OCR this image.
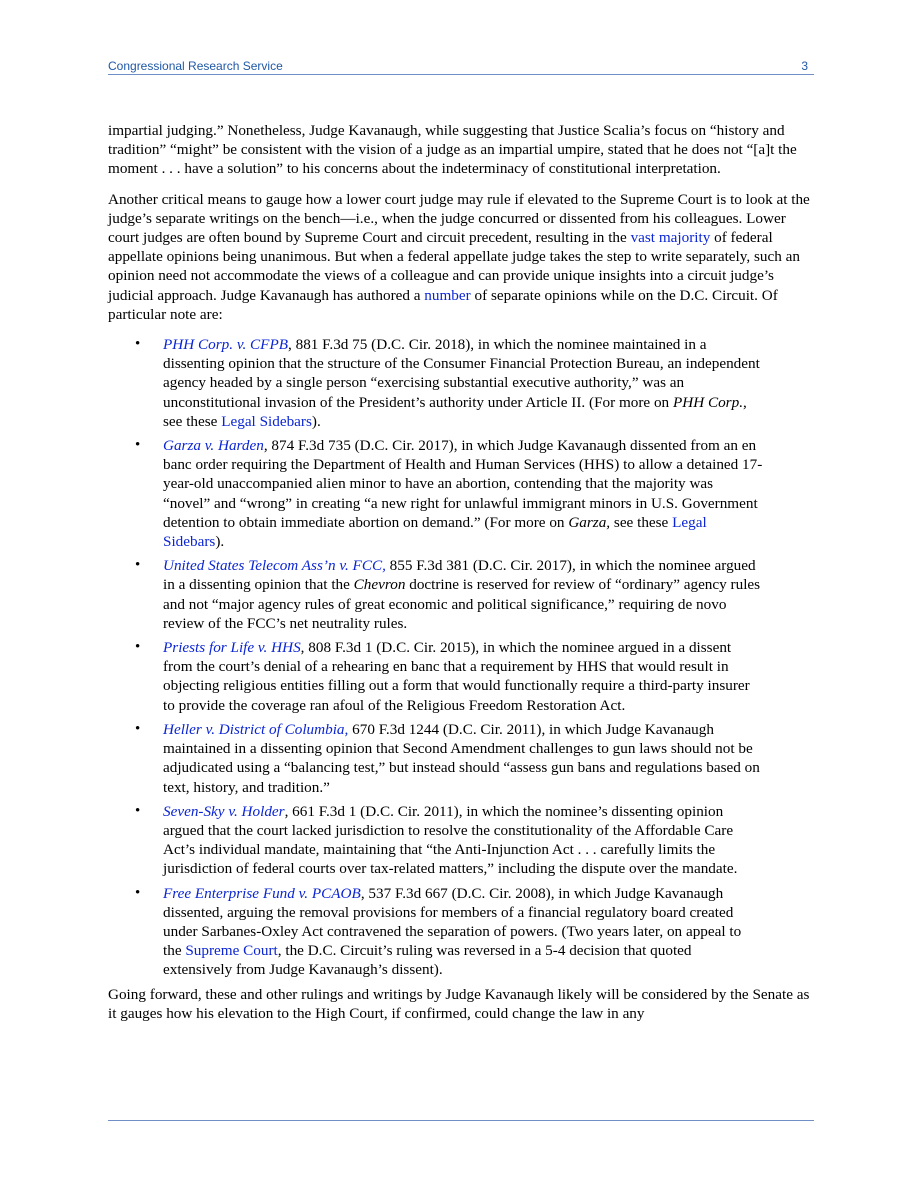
Congressional Research Service	3

impartial judging.” Nonetheless, Judge Kavanaugh, while suggesting that Justice Scalia’s focus on “history and tradition” “might” be consistent with the vision of a judge as an impartial umpire, stated that he does not “[a]t the moment . . . have a solution” to his concerns about the indeterminacy of constitutional interpretation.

Another critical means to gauge how a lower court judge may rule if elevated to the Supreme Court is to look at the judge’s separate writings on the bench—i.e., when the judge concurred or dissented from his colleagues. Lower court judges are often bound by Supreme Court and circuit precedent, resulting in the vast majority of federal appellate opinions being unanimous. But when a federal appellate judge takes the step to write separately, such an opinion need not accommodate the views of a colleague and can provide unique insights into a circuit judge’s judicial approach. Judge Kavanaugh has authored a number of separate opinions while on the D.C. Circuit. Of particular note are:

• PHH Corp. v. CFPB, 881 F.3d 75 (D.C. Cir. 2018), in which the nominee maintained in a dissenting opinion that the structure of the Consumer Financial Protection Bureau, an independent agency headed by a single person “exercising substantial executive authority,” was an unconstitutional invasion of the President’s authority under Article II. (For more on PHH Corp., see these Legal Sidebars).
• Garza v. Harden, 874 F.3d 735 (D.C. Cir. 2017), in which Judge Kavanaugh dissented from an en banc order requiring the Department of Health and Human Services (HHS) to allow a detained 17-year-old unaccompanied alien minor to have an abortion, contending that the majority was “novel” and “wrong” in creating “a new right for unlawful immigrant minors in U.S. Government detention to obtain immediate abortion on demand.” (For more on Garza, see these Legal Sidebars).
• United States Telecom Ass’n v. FCC, 855 F.3d 381 (D.C. Cir. 2017), in which the nominee argued in a dissenting opinion that the Chevron doctrine is reserved for review of “ordinary” agency rules and not “major agency rules of great economic and political significance,” requiring de novo review of the FCC’s net neutrality rules.
• Priests for Life v. HHS, 808 F.3d 1 (D.C. Cir. 2015), in which the nominee argued in a dissent from the court’s denial of a rehearing en banc that a requirement by HHS that would result in objecting religious entities filling out a form that would functionally require a third-party insurer to provide the coverage ran afoul of the Religious Freedom Restoration Act.
• Heller v. District of Columbia, 670 F.3d 1244 (D.C. Cir. 2011), in which Judge Kavanaugh maintained in a dissenting opinion that Second Amendment challenges to gun laws should not be adjudicated using a “balancing test,” but instead should “assess gun bans and regulations based on text, history, and tradition.”
• Seven-Sky v. Holder, 661 F.3d 1 (D.C. Cir. 2011), in which the nominee’s dissenting opinion argued that the court lacked jurisdiction to resolve the constitutionality of the Affordable Care Act’s individual mandate, maintaining that “the Anti-Injunction Act . . . carefully limits the jurisdiction of federal courts over tax-related matters,” including the dispute over the mandate.
• Free Enterprise Fund v. PCAOB, 537 F.3d 667 (D.C. Cir. 2008), in which Judge Kavanaugh dissented, arguing the removal provisions for members of a financial regulatory board created under Sarbanes-Oxley Act contravened the separation of powers. (Two years later, on appeal to the Supreme Court, the D.C. Circuit’s ruling was reversed in a 5-4 decision that quoted extensively from Judge Kavanaugh’s dissent).

Going forward, these and other rulings and writings by Judge Kavanaugh likely will be considered by the Senate as it gauges how his elevation to the High Court, if confirmed, could change the law in any
